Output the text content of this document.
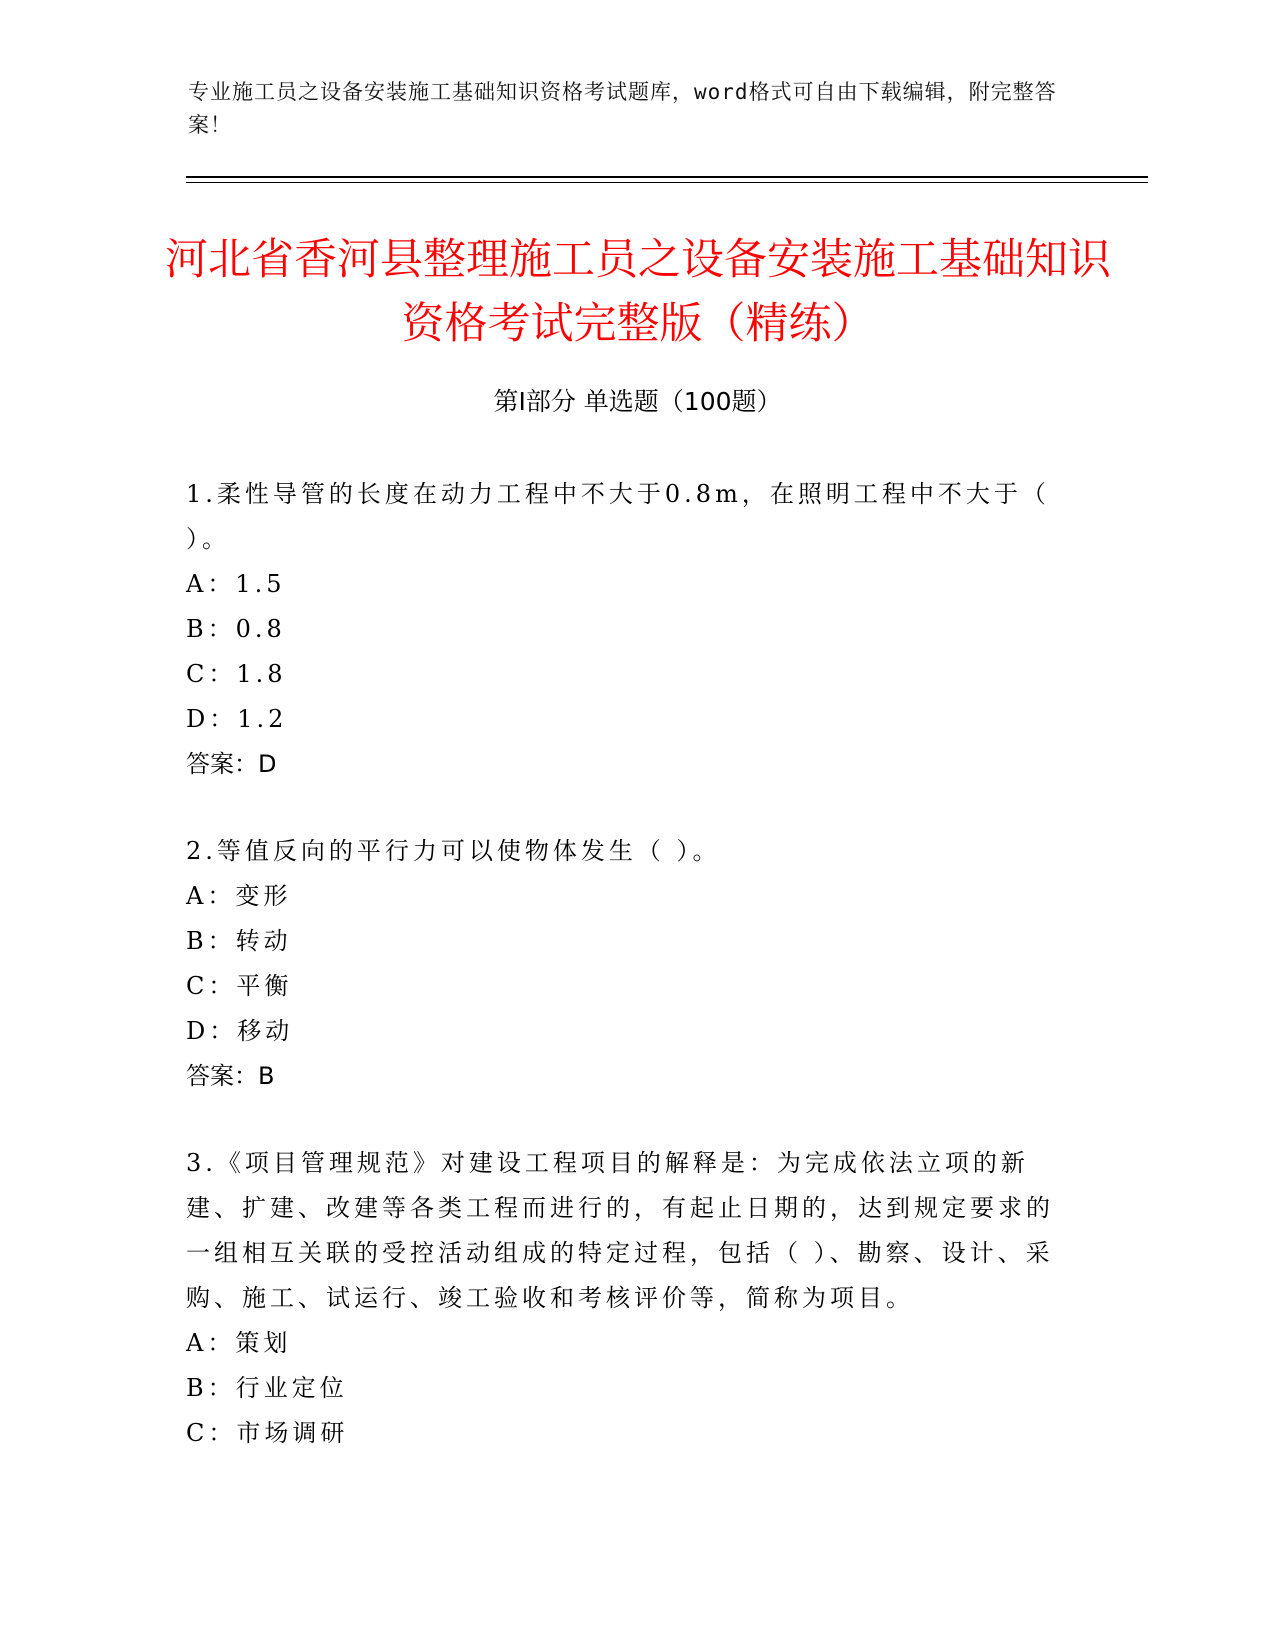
专业施工员之设备安装施工基础知识资格考试题库，word格式可自由下载编辑，附完整答案！
河北省香河县整理施工员之设备安装施工基础知识资格考试完整版（精练）
第Ⅰ部分 单选题（100题）

1.柔性导管的长度在动力工程中不大于0.8m，在照明工程中不大于（ ）。

A：1.5

B：0.8

C：1.8

D：1.2

答案：D

2.等值反向的平行力可以使物体发生（ ）。

A：变形

B：转动

C：平衡

D：移动

答案：B

3.《项目管理规范》对建设工程项目的解释是：为完成依法立项的新建、扩建、改建等各类工程而进行的，有起止日期的，达到规定要求的一组相互关联的受控活动组成的特定过程，包括（ ）、勘察、设计、采购、施工、试运行、竣工验收和考核评价等，简称为项目。

A：策划

B：行业定位

C：市场调研
